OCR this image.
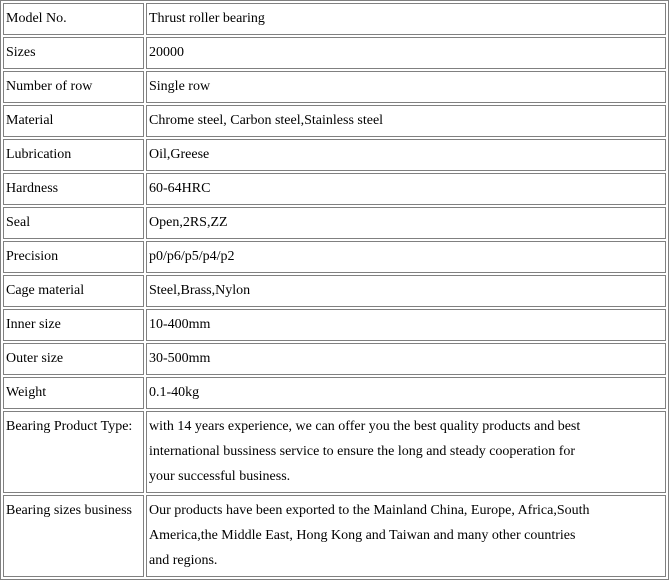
Model No.	Thrust roller bearing
Sizes	20000
Number of row	Single row
Material	Chrome steel, Carbon steel,Stainless steel
Lubrication	Oil,Greese
Hardness	60-64HRC
Seal	Open,2RS,ZZ
Precision	p0/p6/p5/p4/p2
Cage material	Steel,Brass,Nylon
Inner size	10-400mm
Outer size	30-500mm
Weight	0.1-40kg
Bearing Product Type:	with 14 years experience, we can offer you the best quality products and best
international bussiness service to ensure the long and steady cooperation for
your successful business.
Bearing sizes business	Our products have been exported to the Mainland China, Europe, Africa,South
America,the Middle East, Hong Kong and Taiwan and many other countries
and regions.
